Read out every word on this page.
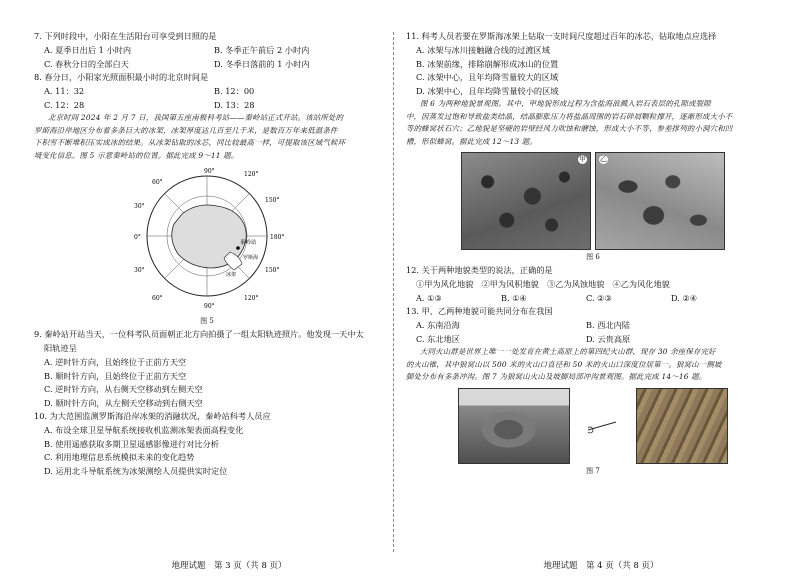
7. 下列时段中，小阳在生活阳台可享受到日照的是

A. 夏季日出后 1 小时内	B. 冬季正午前后 2 小时内
C. 春秋分日的全部白天	D. 冬季日落前的 1 小时内

8. 春分日，小阳家光照面积最小时的北京时间是

A. 11：32	B. 12：00
C. 12：28	D. 13：28

北京时间 2024 年 2 月 7 日，我国第五座南极科考站——秦岭站正式开站。该站所处的

罗斯海沿岸地区分布着多条巨大的冰架，冰架厚度达几百至几千米，是数百万年来低温条件

下积雪不断堆积压实成冰的结果。从冰架钻取的冰芯，同比较最高一样，可提取该区域气候环

境变化信息。图 5 示意秦岭站的位置。据此完成 9～11 题。

90°	120°
60°
150°
30°
180°
0°
150°
30°
120°
60°
90°
秦岭站
罗斯海
冰架

图 5

9. 秦岭站开站当天，一位科考队员面朝正北方向拍摄了一组太阳轨迹照片。他发现一天中太

阳轨迹呈

A. 逆时针方向，且始终位于正前方天空
B. 顺时针方向，且始终位于正前方天空
C. 逆时针方向，从右侧天空移动到左侧天空
D. 顺时针方向，从左侧天空移动到右侧天空

10. 为大范围监测罗斯海沿岸冰架的消融状况，秦岭站科考人员应

A. 布设全球卫星导航系统接收机监测冰架表面高程变化
B. 使用遥感获取多期卫星遥感影像进行对比分析
C. 利用地理信息系统模拟未来的变化趋势
D. 运用北斗导航系统为冰架测绘人员提供实时定位
地理试题　第 3 页（共 8 页）

11. 科考人员若要在罗斯海冰架上钻取一支时间尺度超过百年的冰芯，钻取地点应选择

A. 冰架与冰川接触融合线的过渡区域
B. 冰架前缘，排除崩解形成冰山的位置
C. 冰架中心，且年均降雪量较大的区域
D. 冰架中心，且年均降雪量较小的区域

图 6 为两种地貌景观图。其中，甲地貌形成过程为含盐海浪溅入岩石表层的孔隙或裂隙

中，因蒸发过饱和导致盐类结晶，结晶膨胀压力将盐晶周围的岩石碎屑颗粒撑开，逐渐形成大小不

等的蜂窝状石穴；乙地貌是坚硬的岩壁经风力吹蚀和磨蚀，形成大小不等、参差排列的小洞穴和凹

槽，形似蜂窝。据此完成 12～13 题。

甲 乙

图 6

12. 关于两种地貌类型的说法，正确的是

①甲为风化地貌　②甲为风积地貌　③乙为风蚀地貌　④乙为风化地貌
A. ①③	B. ①④	C. ②③	D. ②④

13. 甲、乙两种地貌可能共同分布在我国

A. 东南沿海	B. 西北内陆
C. 东北地区	D. 云贵高原

大同火山群是世界上唯一一处发育在黄土高原上的第四纪火山群，现存 30 余座保存完好

的火山锥，其中狼窝山以 500 米的火山口直径和 50 米的火山口深度位居第一。狼窝山一侧坡

脚处分布有多条冲沟。图 7 为狼窝山火山及坡脚局部冲沟景观图。据此完成 14～16 题。

图 7

地理试题　第 4 页（共 8 页）
